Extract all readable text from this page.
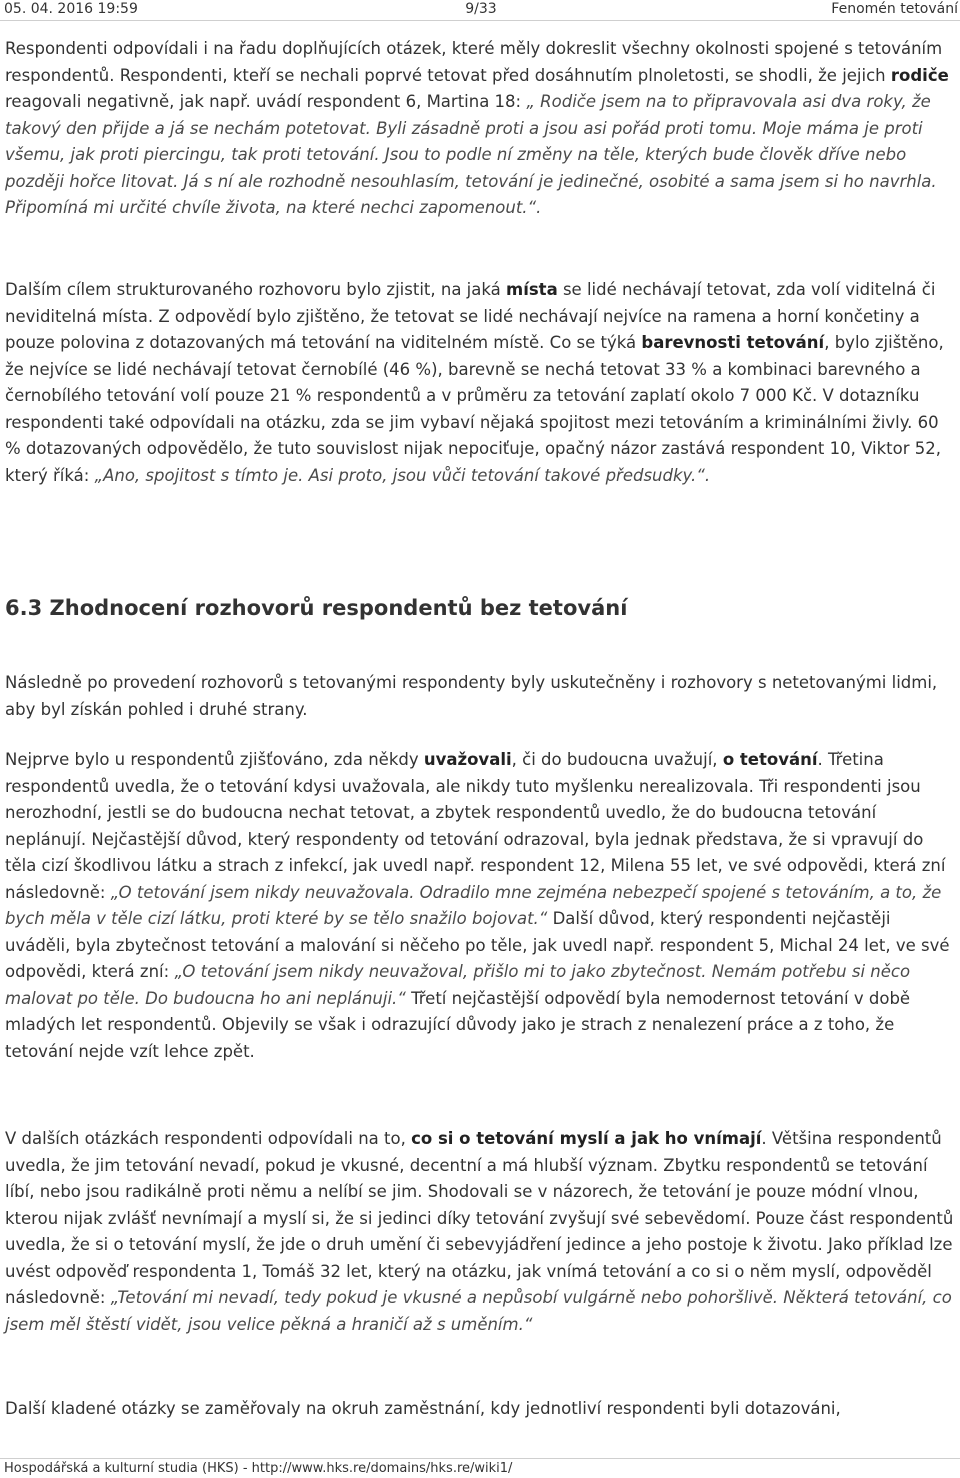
05. 04. 2016 19:59	9/33	Fenomén tetování

Respondenti odpovídali i na řadu doplňujících otázek, které měly dokreslit všechny okolnosti spojené s tetováním respondentů. Respondenti, kteří se nechali poprvé tetovat před dosáhnutím plnoletosti, se shodli, že jejich rodiče reagovali negativně, jak např. uvádí respondent 6, Martina 18: „ Rodiče jsem na to připravovala asi dva roky, že takový den přijde a já se nechám potetovat. Byli zásadně proti a jsou asi pořád proti tomu. Moje máma je proti všemu, jak proti piercingu, tak proti tetování. Jsou to podle ní změny na těle, kterých bude člověk dříve nebo později hořce litovat. Já s ní ale rozhodně nesouhlasím, tetování je jedinečné, osobité a sama jsem si ho navrhla. Připomíná mi určité chvíle života, na které nechci zapomenout.“.

Dalším cílem strukturovaného rozhovoru bylo zjistit, na jaká místa se lidé nechávají tetovat, zda volí viditelná či neviditelná místa. Z odpovědí bylo zjištěno, že tetovat se lidé nechávají nejvíce na ramena a horní končetiny a pouze polovina z dotazovaných má tetování na viditelném místě. Co se týká barevnosti tetování, bylo zjištěno, že nejvíce se lidé nechávají tetovat černobílé (46 %), barevně se nechá tetovat 33 % a kombinaci barevného a černobílého tetování volí pouze 21 % respondentů a v průměru za tetování zaplatí okolo 7 000 Kč. V dotazníku respondenti také odpovídali na otázku, zda se jim vybaví nějaká spojitost mezi tetováním a kriminálními živly. 60 % dotazovaných odpovědělo, že tuto souvislost nijak nepociťuje, opačný názor zastává respondent 10, Viktor 52, který říká: „Ano, spojitost s tímto je. Asi proto, jsou vůči tetování takové předsudky.“.

6.3 Zhodnocení rozhovorů respondentů bez tetování

Následně po provedení rozhovorů s tetovanými respondenty byly uskutečněny i rozhovory s netetovanými lidmi, aby byl získán pohled i druhé strany.

Nejprve bylo u respondentů zjišťováno, zda někdy uvažovali, či do budoucna uvažují, o tetování. Třetina respondentů uvedla, že o tetování kdysi uvažovala, ale nikdy tuto myšlenku nerealizovala. Tři respondenti jsou nerozhodní, jestli se do budoucna nechat tetovat, a zbytek respondentů uvedlo, že do budoucna tetování neplánují. Nejčastější důvod, který respondenty od tetování odrazoval, byla jednak představa, že si vpravují do těla cizí škodlivou látku a strach z infekcí, jak uvedl např. respondent 12, Milena 55 let, ve své odpovědi, která zní následovně: „O tetování jsem nikdy neuvažovala. Odradilo mne zejména nebezpečí spojené s tetováním, a to, že bych měla v těle cizí látku, proti které by se tělo snažilo bojovat.“ Další důvod, který respondenti nejčastěji uváděli, byla zbytečnost tetování a malování si něčeho po těle, jak uvedl např. respondent 5, Michal 24 let, ve své odpovědi, která zní: „O tetování jsem nikdy neuvažoval, přišlo mi to jako zbytečnost. Nemám potřebu si něco malovat po těle. Do budoucna ho ani neplánuji.“ Třetí nejčastější odpovědí byla nemodernost tetování v době mladých let respondentů. Objevily se však i odrazující důvody jako je strach z nenalezení práce a z toho, že tetování nejde vzít lehce zpět.

V dalších otázkách respondenti odpovídali na to, co si o tetování myslí a jak ho vnímají. Většina respondentů uvedla, že jim tetování nevadí, pokud je vkusné, decentní a má hlubší význam. Zbytku respondentů se tetování líbí, nebo jsou radikálně proti němu a nelíbí se jim. Shodovali se v názorech, že tetování je pouze módní vlnou, kterou nijak zvlášť nevnímají a myslí si, že si jedinci díky tetování zvyšují své sebevědomí. Pouze část respondentů uvedla, že si o tetování myslí, že jde o druh umění či sebevyjádření jedince a jeho postoje k životu. Jako příklad lze uvést odpověď respondenta 1, Tomáš 32 let, který na otázku, jak vnímá tetování a co si o něm myslí, odpověděl následovně: „Tetování mi nevadí, tedy pokud je vkusné a nepůsobí vulgárně nebo pohoršlivě. Některá tetování, co jsem měl štěstí vidět, jsou velice pěkná a hraničí až s uměním.“

Další kladené otázky se zaměřovaly na okruh zaměstnání, kdy jednotliví respondenti byli dotazováni,

Hospodářská a kulturní studia (HKS) - http://www.hks.re/domains/hks.re/wiki1/
